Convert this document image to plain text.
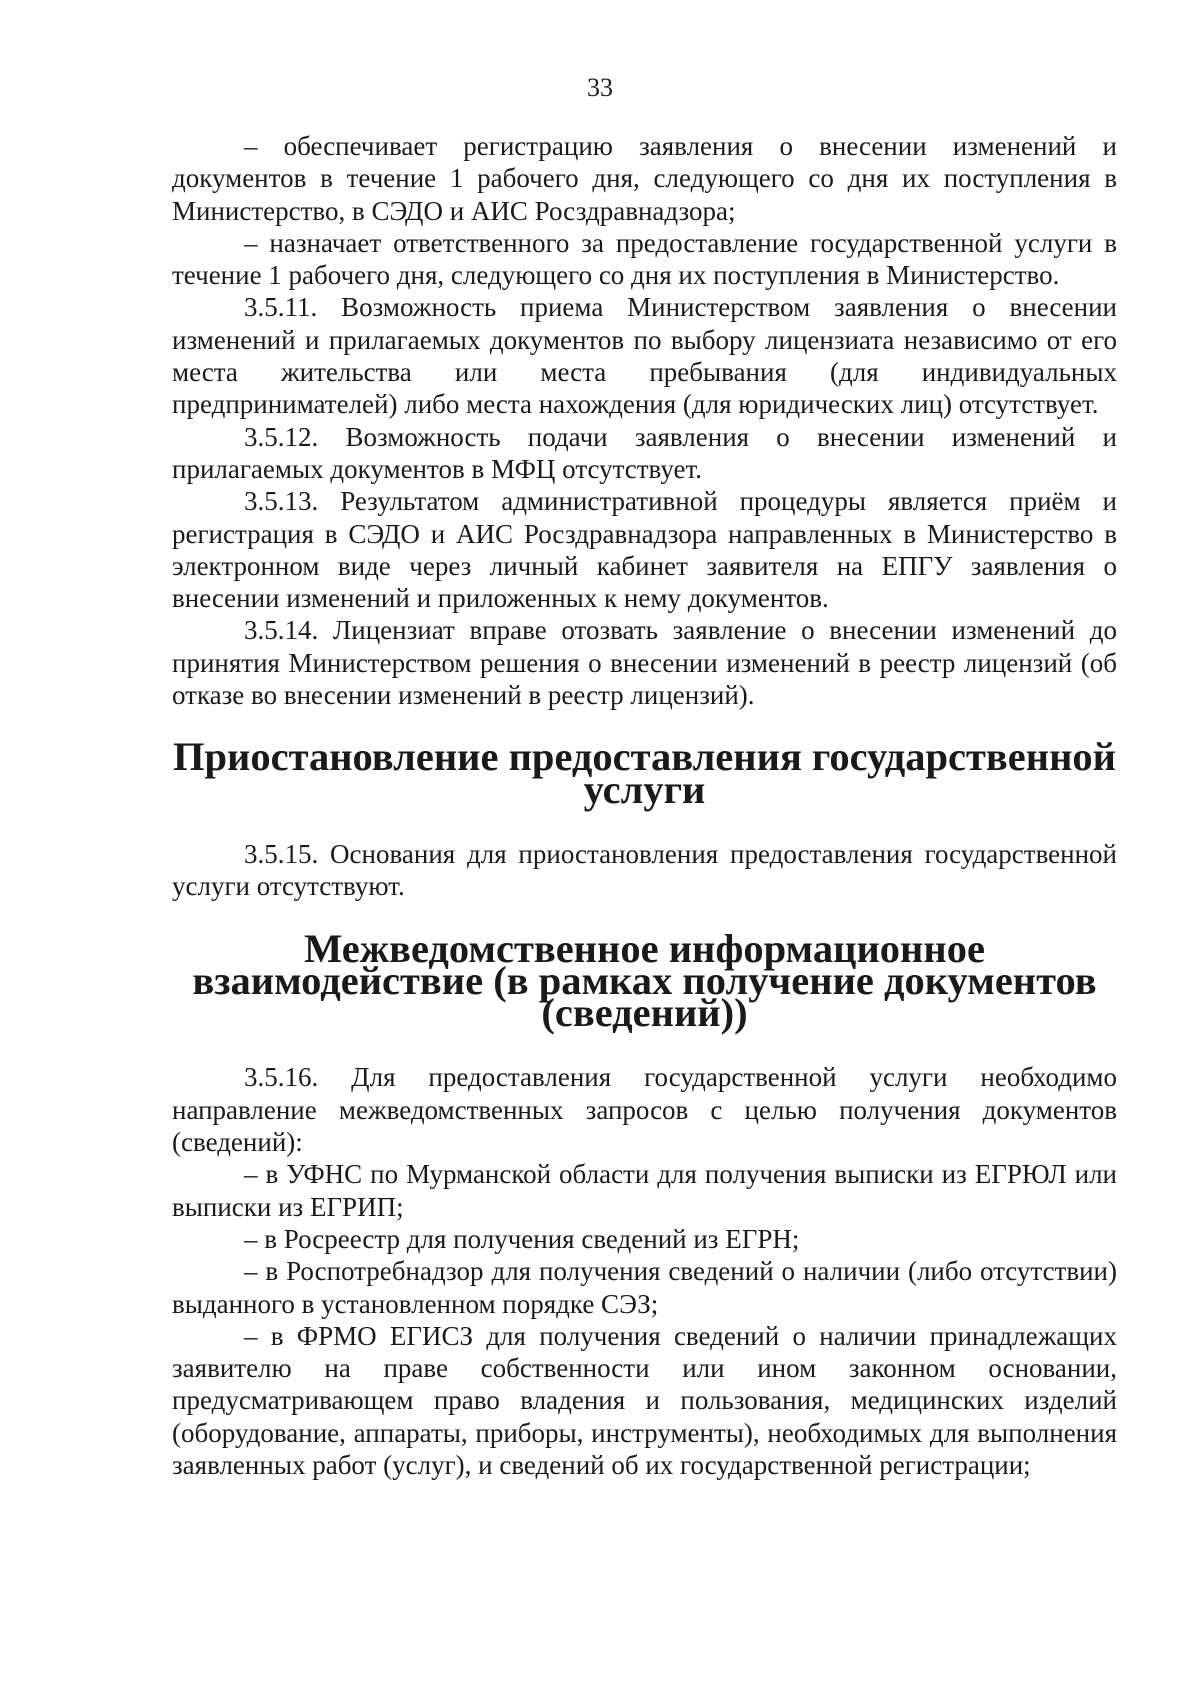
33

– обеспечивает регистрацию заявления о внесении изменений и документов в течение 1 рабочего дня, следующего со дня их поступления в Министерство, в СЭДО и АИС Росздравнадзора;

– назначает ответственного за предоставление государственной услуги в течение 1 рабочего дня, следующего со дня их поступления в Министерство.

3.5.11. Возможность приема Министерством заявления о внесении изменений и прилагаемых документов по выбору лицензиата независимо от его места жительства или места пребывания (для индивидуальных предпринимателей) либо места нахождения (для юридических лиц) отсутствует.

3.5.12. Возможность подачи заявления о внесении изменений и прилагаемых документов в МФЦ отсутствует.

3.5.13. Результатом административной процедуры является приём и регистрация в СЭДО и АИС Росздравнадзора направленных в Министерство в электронном виде через личный кабинет заявителя на ЕПГУ заявления о внесении изменений и приложенных к нему документов.

3.5.14. Лицензиат вправе отозвать заявление о внесении изменений до принятия Министерством решения о внесении изменений в реестр лицензий (об отказе во внесении изменений в реестр лицензий).

Приостановление предоставления государственной услуги

3.5.15. Основания для приостановления предоставления государственной услуги отсутствуют.

Межведомственное информационное взаимодействие (в рамках получение документов (сведений))

3.5.16. Для предоставления государственной услуги необходимо направление межведомственных запросов с целью получения документов (сведений):

– в УФНС по Мурманской области для получения выписки из ЕГРЮЛ или выписки из ЕГРИП;

– в Росреестр для получения сведений из ЕГРН;

– в Роспотребнадзор для получения сведений о наличии (либо отсутствии) выданного в установленном порядке СЭЗ;

– в ФРМО ЕГИСЗ для получения сведений о наличии принадлежащих заявителю на праве собственности или ином законном основании, предусматривающем право владения и пользования, медицинских изделий (оборудование, аппараты, приборы, инструменты), необходимых для выполнения заявленных работ (услуг), и сведений об их государственной регистрации;
